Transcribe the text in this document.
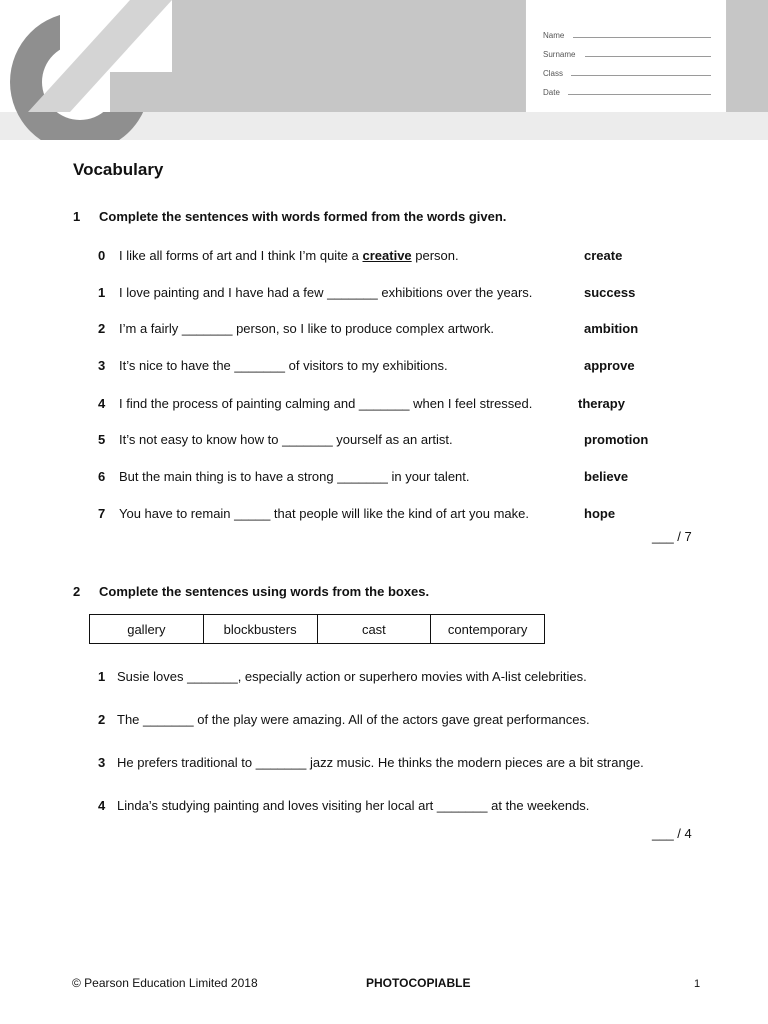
Name
Surname
Class
Date
Vocabulary
1 Complete the sentences with words formed from the words given.
0 I like all forms of art and I think I’m quite a creative person.	create
1 I love painting and I have had a few _______ exhibitions over the years.	success
2 I’m a fairly _______ person, so I like to produce complex artwork.	ambition
3 It’s nice to have the _______ of visitors to my exhibitions.	approve
4 I find the process of painting calming and _______ when I feel stressed.	therapy
5 It’s not easy to know how to _______ yourself as an artist.	promotion
6 But the main thing is to have a strong _______ in your talent.	believe
7 You have to remain _____ that people will like the kind of art you make.	hope
___ / 7
2 Complete the sentences using words from the boxes.
gallery	blockbusters	cast	contemporary
1 Susie loves _______, especially action or superhero movies with A-list celebrities.
2 The _______ of the play were amazing. All of the actors gave great performances.
3 He prefers traditional to _______ jazz music. He thinks the modern pieces are a bit strange.
4 Linda’s studying painting and loves visiting her local art _______ at the weekends.
___ / 4
© Pearson Education Limited 2018	PHOTOCOPIABLE	1
